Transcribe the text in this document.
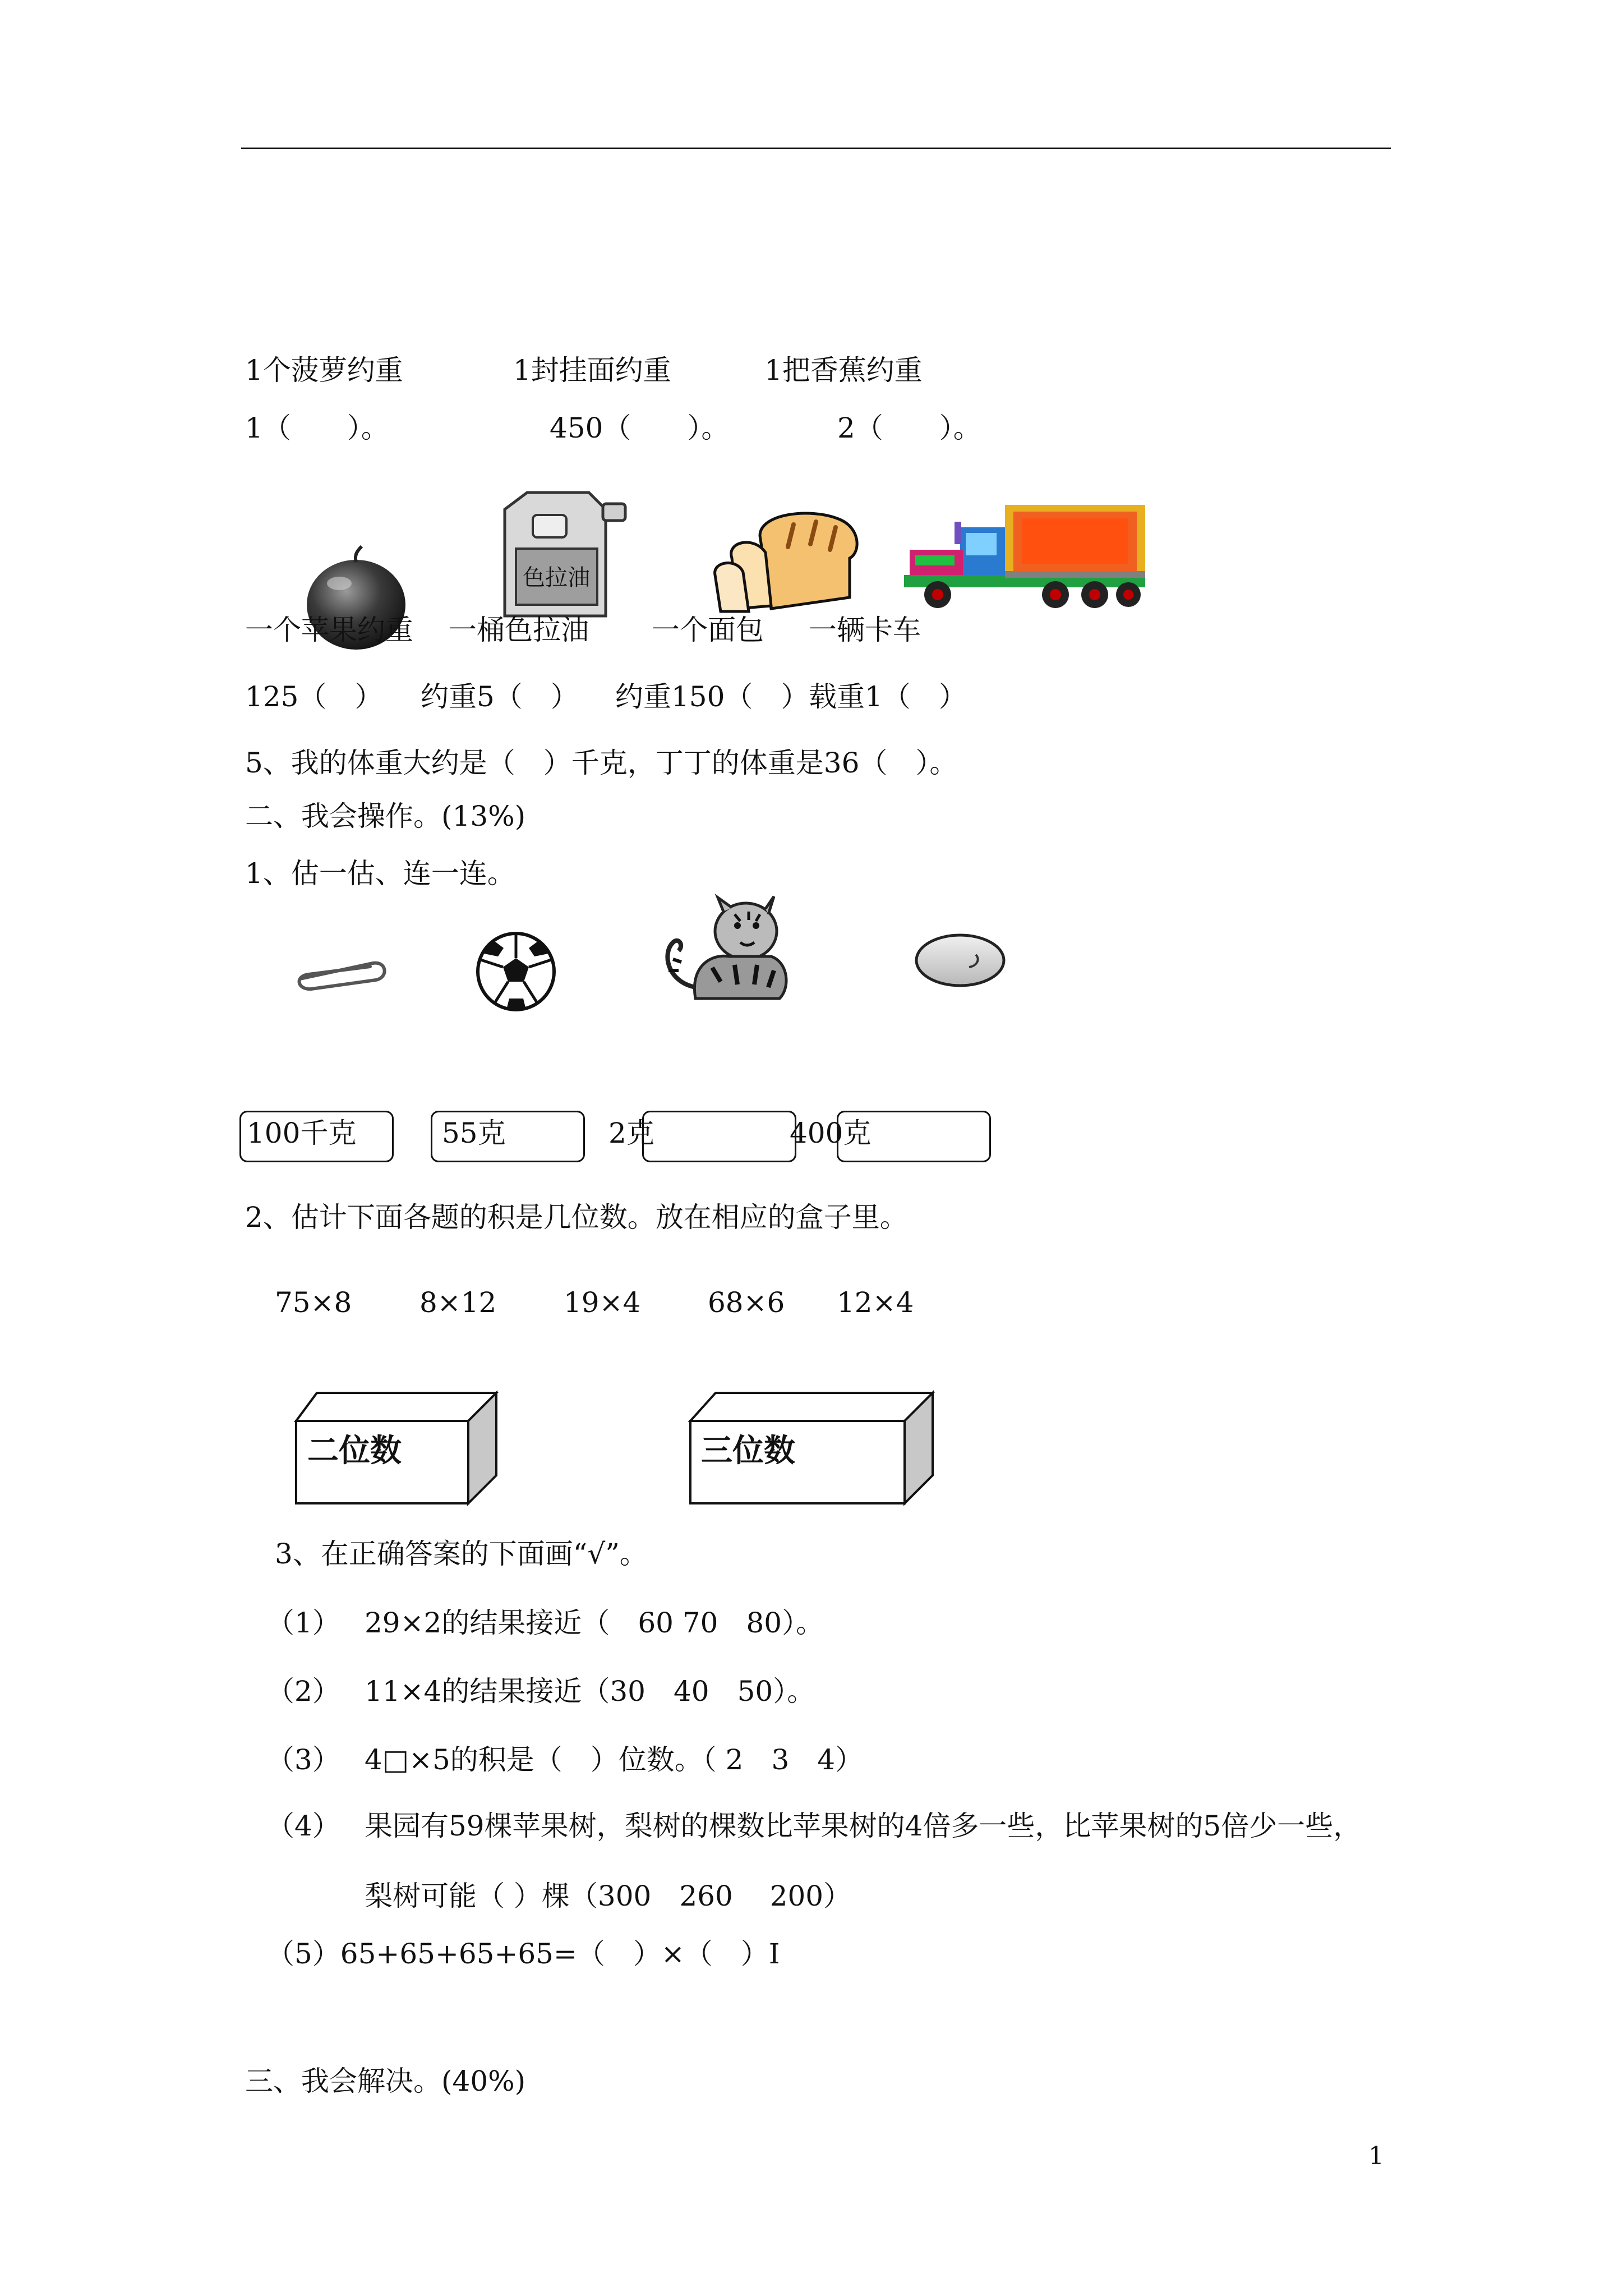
1个菠萝约重	1封挂面约重	1把香蕉约重
1（　　）。	450（　　）。	2（　　）。
色拉油
一个苹果约重 一桶色拉油 一个面包 一辆卡车
125（　） 约重5（　） 约重150（　） 载重1（　）
5、我的体重大约是（　）千克，丁丁的体重是36（　）。
二、我会操作。(13%)
1、估一估、连一连。
100千克	55克	2克	400克
2、估计下面各题的积是几位数。放在相应的盒子里。
75×8 8×12 19×4 68×6 12×4
二位数	三位数
3、在正确答案的下面画“√”。
（1） 29×2的结果接近（　60 70　80）。
（2） 11×4的结果接近（30　40　50）。
（3） 4□×5的积是（　）位数。（ 2　3　4）
（4） 果园有59棵苹果树，梨树的棵数比苹果树的4倍多一些，比苹果树的5倍少一些，
梨树可能（ ）棵（300　260　 200）
（5）65+65+65+65=（　）×（　）I
三、我会解决。(40%)
1
